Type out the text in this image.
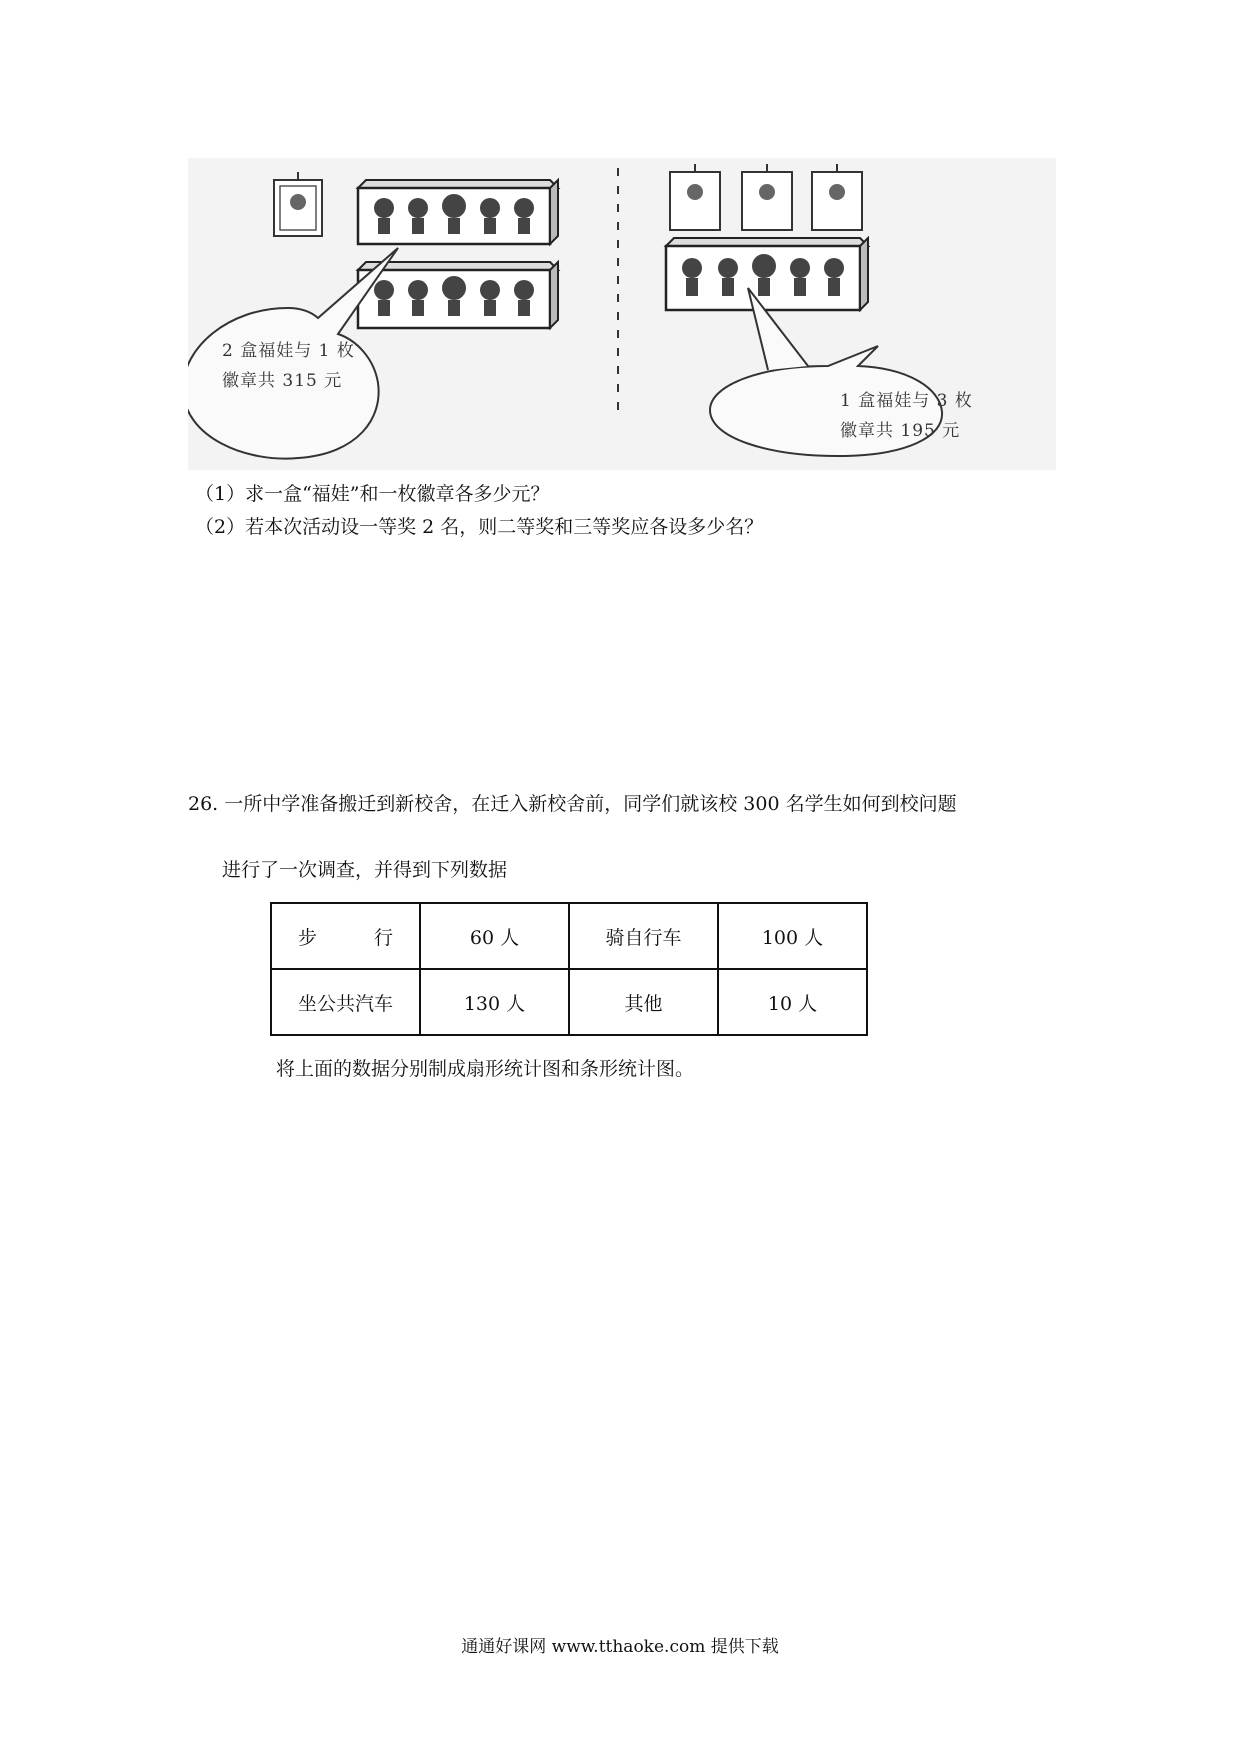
2 盒福娃与 1 枚
徽章共 315 元
1 盒福娃与 3 枚
徽章共 195 元
（1）求一盒“福娃”和一枚徽章各多少元？
（2）若本次活动设一等奖 2 名，则二等奖和三等奖应各设多少名？
26. 一所中学准备搬迁到新校舍，在迁入新校舍前，同学们就该校 300 名学生如何到校问题
进行了一次调查，并得到下列数据
步 行	60 人	骑自行车	100 人
坐公共汽车	130 人	其他	10 人
将上面的数据分别制成扇形统计图和条形统计图。
通通好课网 www.tthaoke.com 提供下载
